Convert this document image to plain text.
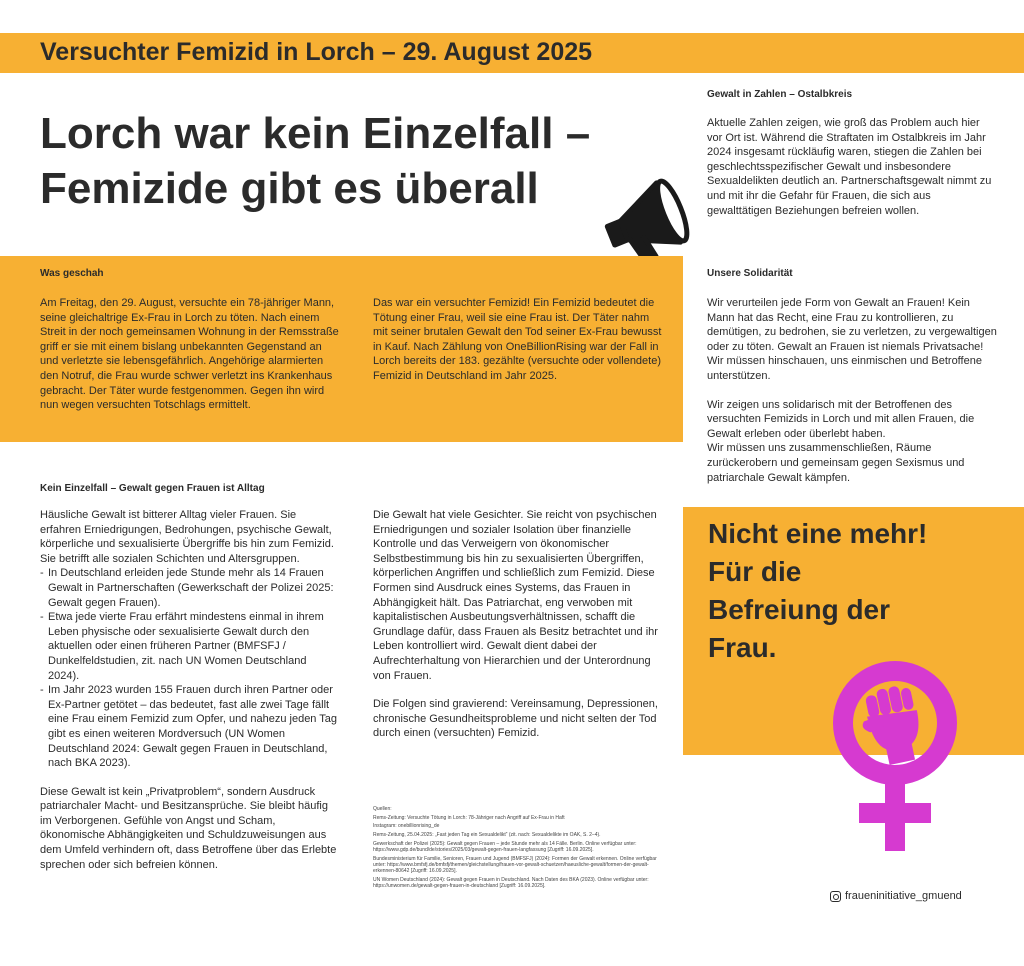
Versuchter Femizid in Lorch – 29. August 2025
Lorch war kein Einzelfall –
Femizide gibt es überall
Was geschah
Am Freitag, den 29. August, versuchte ein 78-jähriger Mann, seine gleichaltrige Ex-Frau in Lorch zu töten. Nach einem Streit in der noch gemeinsamen Wohnung in der Remsstraße griff er sie mit einem bislang unbekannten Gegenstand an und verletzte sie lebensgefährlich. Angehörige alarmierten den Notruf, die Frau wurde schwer verletzt ins Krankenhaus gebracht. Der Täter wurde festgenommen. Gegen ihn wird nun wegen versuchten Totschlags ermittelt.
Das war ein versuchter Femizid! Ein Femizid bedeutet die Tötung einer Frau, weil sie eine Frau ist. Der Täter nahm mit seiner brutalen Gewalt den Tod seiner Ex-Frau bewusst in Kauf. Nach Zählung von OneBillionRising war der Fall in Lorch bereits der 183. gezählte (versuchte oder vollendete) Femizid in Deutschland im Jahr 2025.
Kein Einzelfall – Gewalt gegen Frauen ist Alltag

Häusliche Gewalt ist bitterer Alltag vieler Frauen. Sie erfahren Erniedrigungen, Bedrohungen, psychische Gewalt, körperliche und sexualisierte Übergriffe bis hin zum Femizid. Sie betrifft alle sozialen Schichten und Altersgruppen.

- In Deutschland erleiden jede Stunde mehr als 14 Frauen Gewalt in Partnerschaften (Gewerkschaft der Polizei 2025: Gewalt gegen Frauen).
- Etwa jede vierte Frau erfährt mindestens einmal in ihrem Leben physische oder sexualisierte Gewalt durch den aktuellen oder einen früheren Partner (BMFSFJ / Dunkelfeldstudien, zit. nach UN Women Deutschland 2024).
- Im Jahr 2023 wurden 155 Frauen durch ihren Partner oder Ex-Partner getötet – das bedeutet, fast alle zwei Tage fällt eine Frau einem Femizid zum Opfer, und nahezu jeden Tag gibt es einen weiteren Mordversuch (UN Women Deutschland 2024: Gewalt gegen Frauen in Deutschland, nach BKA 2023).

Diese Gewalt ist kein „Privatproblem“, sondern Ausdruck patriarchaler Macht- und Besitzansprüche. Sie bleibt häufig im Verborgenen. Gefühle von Angst und Scham, ökonomische Abhängigkeiten und Schuldzuweisungen aus dem Umfeld verhindern oft, dass Betroffene über das Erlebte sprechen oder sich befreien können.

Die Gewalt hat viele Gesichter. Sie reicht von psychischen Erniedrigungen und sozialer Isolation über finanzielle Kontrolle und das Verweigern von ökonomischer Selbstbestimmung bis hin zu sexualisierten Übergriffen, körperlichen Angriffen und schließlich zum Femizid. Diese Formen sind Ausdruck eines Systems, das Frauen in Abhängigkeit hält. Das Patriarchat, eng verwoben mit kapitalistischen Ausbeutungsverhältnissen, schafft die Grundlage dafür, dass Frauen als Besitz betrachtet und ihr Leben kontrolliert wird. Gewalt dient dabei der Aufrechterhaltung von Hierarchien und der Unterordnung von Frauen.

Die Folgen sind gravierend: Vereinsamung, Depressionen, chronische Gesundheitsprobleme und nicht selten der Tod durch einen (versuchten) Femizid.

Quellen:

Rems-Zeitung: Versuchte Tötung in Lorch: 78-Jähriger nach Angriff auf Ex-Frau in Haft

Instagram: onebillionrising_de

Rems-Zeitung, 25.04.2025: „Fast jeden Tag ein Sexualdelikt“ (zit. nach: Sexualdelikte im OAK, S. 2–4).

Gewerkschaft der Polizei (2025): Gewalt gegen Frauen – jede Stunde mehr als 14 Fälle. Berlin. Online verfügbar unter: https://www.gdp.de/bund/de/stories/2025/03/gewalt-gegen-frauen-langfassung [Zugriff: 16.09.2025].

Bundesministerium für Familie, Senioren, Frauen und Jugend (BMFSFJ) (2024): Formen der Gewalt erkennen. Online verfügbar unter: https://www.bmfsfj.de/bmfsfj/themen/gleichstellung/frauen-vor-gewalt-schuetzen/haeusliche-gewalt/formen-der-gewalt-erkennen-80642 [Zugriff: 16.09.2025].

UN Women Deutschland (2024): Gewalt gegen Frauen in Deutschland. Nach Daten des BKA (2023). Online verfügbar unter: https://unwomen.de/gewalt-gegen-frauen-in-deutschland [Zugriff: 16.09.2025].

Gewalt in Zahlen – Ostalbkreis
Aktuelle Zahlen zeigen, wie groß das Problem auch hier vor Ort ist. Während die Straftaten im Ostalbkreis im Jahr 2024 insgesamt rückläufig waren, stiegen die Zahlen bei geschlechtsspezifischer Gewalt und insbesondere Sexualdelikten deutlich an. Partnerschaftsgewalt nimmt zu und mit ihr die Gefahr für Frauen, die sich aus gewalttätigen Beziehungen befreien wollen.
Unsere Solidarität

Wir verurteilen jede Form von Gewalt an Frauen! Kein Mann hat das Recht, eine Frau zu kontrollieren, zu demütigen, zu bedrohen, sie zu verletzen, zu vergewaltigen oder zu töten. Gewalt an Frauen ist niemals Privatsache! Wir müssen hinschauen, uns einmischen und Betroffene unterstützen.

Wir zeigen uns solidarisch mit der Betroffenen des versuchten Femizids in Lorch und mit allen Frauen, die Gewalt erleben oder überlebt haben.

Wir müssen uns zusammenschließen, Räume zurückerobern und gemeinsam gegen Sexismus und patriarchale Gewalt kämpfen.

Nicht eine mehr!
Für die
Befreiung der
Frau.
fraueninitiative_gmuend
